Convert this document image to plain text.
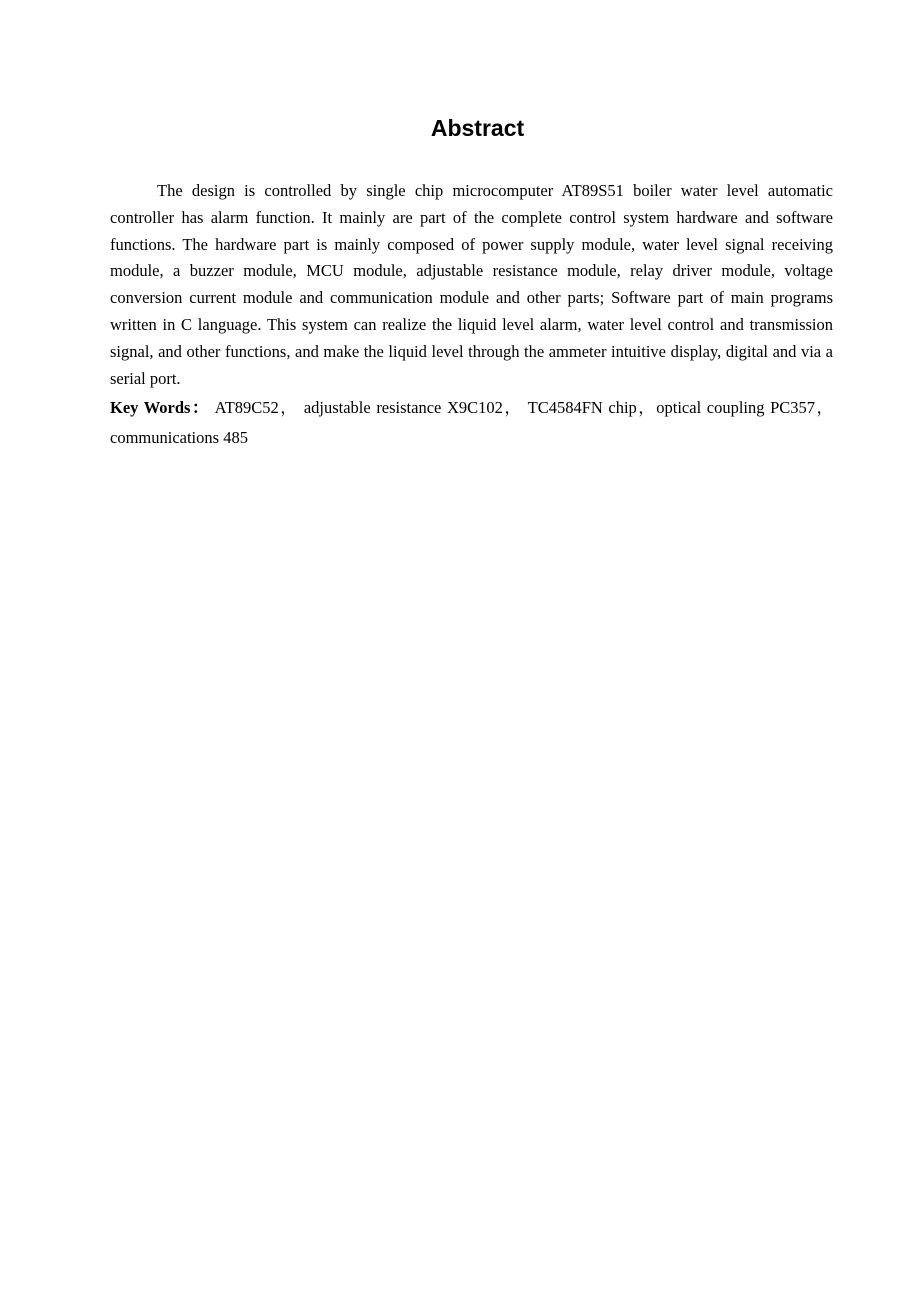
Abstract

The design is controlled by single chip microcomputer AT89S51 boiler water level automatic controller has alarm function. It mainly are part of the complete control system hardware and software functions. The hardware part is mainly composed of power supply module, water level signal receiving module, a buzzer module, MCU module, adjustable resistance module, relay driver module, voltage conversion current module and communication module and other parts; Software part of main programs written in C language. This system can realize the liquid level alarm, water level control and transmission signal, and other functions, and make the liquid level through the ammeter intuitive display, digital and via a serial port.

Key Words： AT89C52， adjustable resistance X9C102， TC4584FN chip，optical coupling PC357，communications 485
